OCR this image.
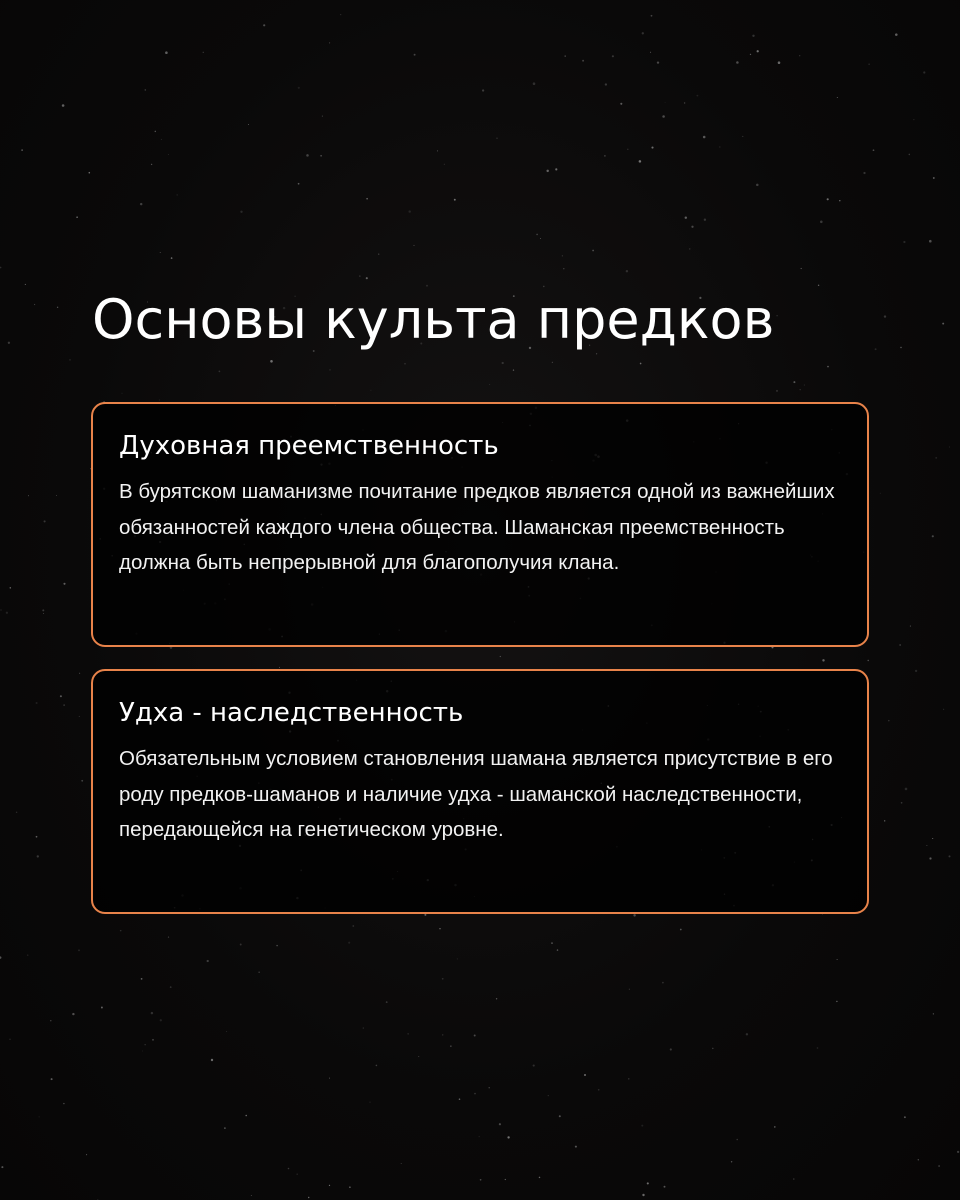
Основы культа предков
Духовная преемственность

В бурятском шаманизме почитание предков является одной из важнейших обязанностей каждого члена общества. Шаманская преемственность должна быть непрерывной для благополучия клана.

Удха - наследственность

Обязательным условием становления шамана является присутствие в его роду предков-шаманов и наличие удха - шаманской наследственности, передающейся на генетическом уровне.
